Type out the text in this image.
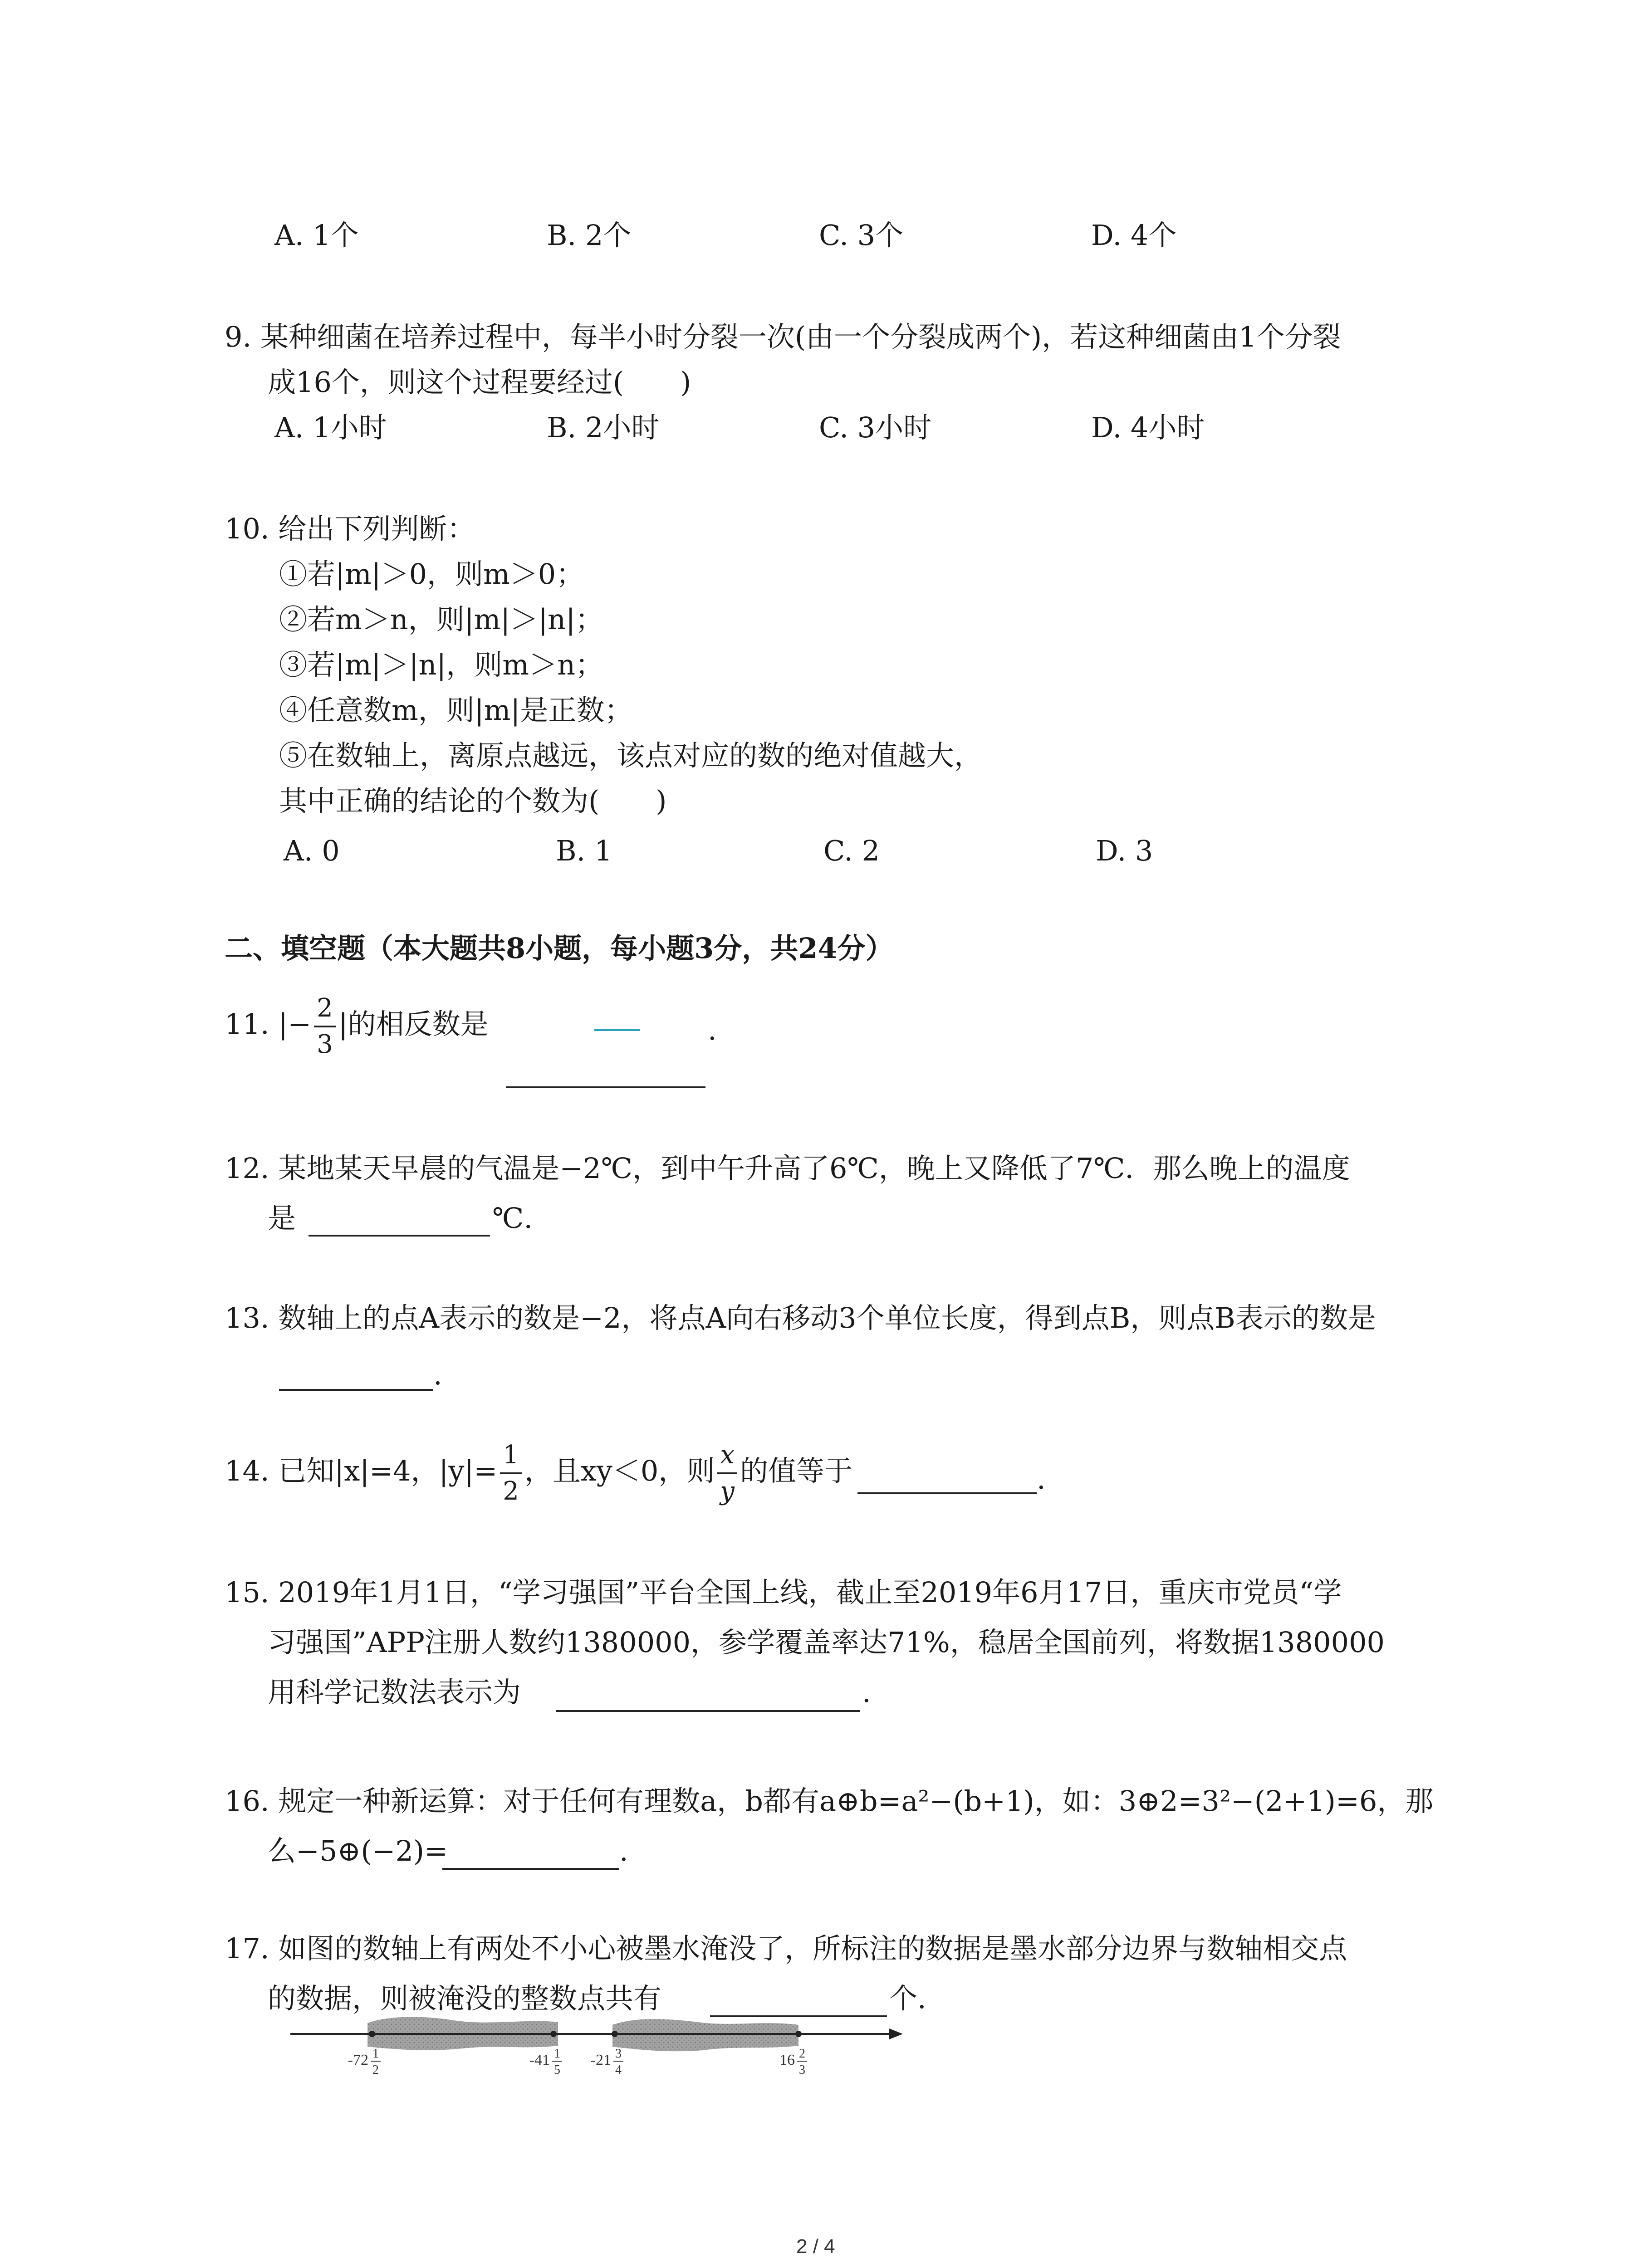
A. 1个	B. 2个	C. 3个	D. 4个
9. 某种细菌在培养过程中，每半小时分裂一次(由一个分裂成两个)，若这种细菌由1个分裂
成16个，则这个过程要经过(　　)
A. 1小时	B. 2小时	C. 3小时	D. 4小时
10. 给出下列判断：
①若|m|＞0，则m＞0；
②若m＞n，则|m|＞|n|；
③若|m|＞|n|，则m＞n；
④任意数m，则|m|是正数；
⑤在数轴上，离原点越远，该点对应的数的绝对值越大，
其中正确的结论的个数为(　　)
A. 0	B. 1	C. 2	D. 3
二、填空题（本大题共8小题，每小题3分，共24分）
11. |− $\frac{2}{3}$ |的相反数是	.
12. 某地某天早晨的气温是−2℃，到中午升高了6℃，晚上又降低了7℃．那么晚上的温度
是	℃.
13. 数轴上的点A表示的数是−2，将点A向右移动3个单位长度，得到点B，则点B表示的数是
.
14. 已知|x|=4，$|y|= \frac{1}{2}$ ，且xy＜0，则 $\frac{x}{y}$ 的值等于	.
15. 2019年1月1日，“学习强国”平台全国上线，截止至2019年6月17日，重庆市党员“学
习强国”APP注册人数约1380000，参学覆盖率达71%，稳居全国前列，将数据1380000
用科学记数法表示为	.
16. 规定一种新运算：对于任何有理数a，b都有a⊕b=a²−(b+1)，如：3⊕2=3²−(2+1)=6，那
么−5⊕(−2)=	.
17. 如图的数轴上有两处不小心被墨水淹没了，所标注的数据是墨水部分边界与数轴相交点
的数据，则被淹没的整数点共有	个.
-72 1
2
-41 1
5
-21 3
4
16 2
3
2 / 4
